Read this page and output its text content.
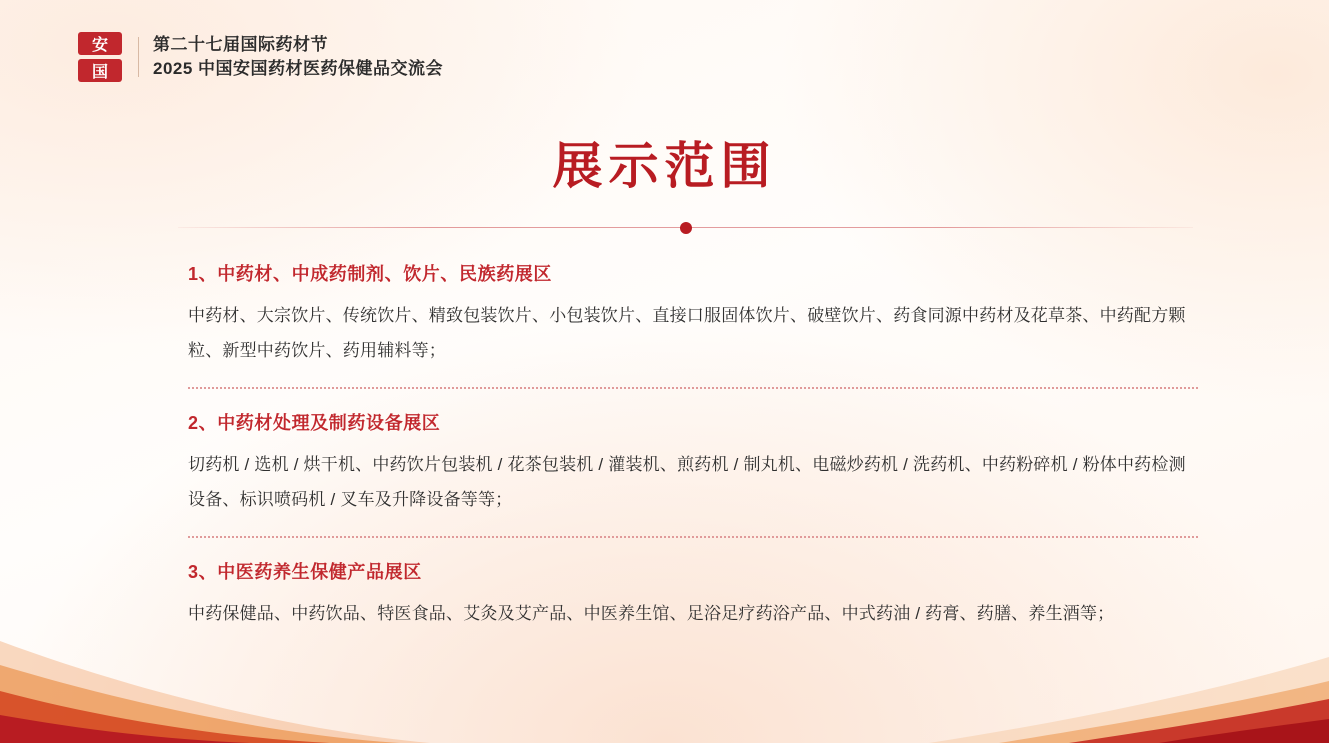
安
国
第二十七届国际药材节
2025 中国安国药材医药保健品交流会
展示范围

1、中药材、中成药制剂、饮片、民族药展区

中药材、大宗饮片、传统饮片、精致包装饮片、小包装饮片、直接口服固体饮片、破壁饮片、药食同源中药材及花草茶、中药配方颗粒、新型中药饮片、药用辅料等；

2、中药材处理及制药设备展区

切药机 / 选机 / 烘干机、中药饮片包装机 / 花茶包装机 / 灌装机、煎药机 / 制丸机、电磁炒药机 / 洗药机、中药粉碎机 / 粉体中药检测设备、标识喷码机 / 叉车及升降设备等等；

3、中医药养生保健产品展区

中药保健品、中药饮品、特医食品、艾灸及艾产品、中医养生馆、足浴足疗药浴产品、中式药油 / 药膏、药膳、养生酒等；
